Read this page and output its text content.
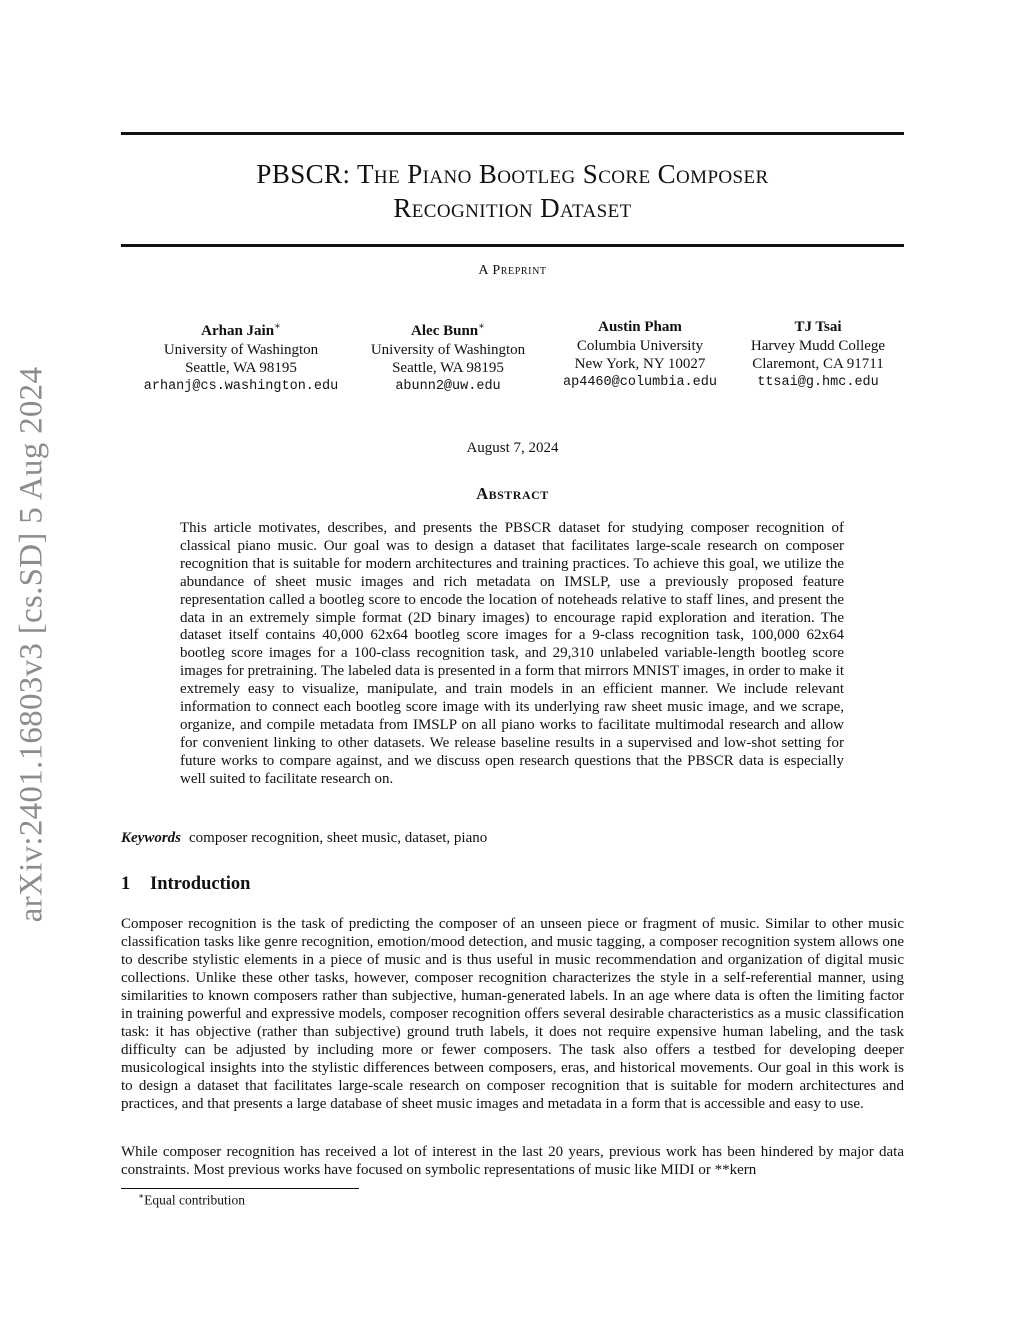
arXiv:2401.16803v3 [cs.SD] 5 Aug 2024
PBSCR: The Piano Bootleg Score Composer
Recognition Dataset
A Preprint
Arhan Jain∗
University of Washington
Seattle, WA 98195
arhanj@cs.washington.edu
Alec Bunn∗
University of Washington
Seattle, WA 98195
abunn2@uw.edu
Austin Pham
Columbia University
New York, NY 10027
ap4460@columbia.edu
TJ Tsai
Harvey Mudd College
Claremont, CA 91711
ttsai@g.hmc.edu
August 7, 2024
Abstract

This article motivates, describes, and presents the PBSCR dataset for studying composer recognition of classical piano music. Our goal was to design a dataset that facilitates large-scale research on composer recognition that is suitable for modern architectures and training practices. To achieve this goal, we utilize the abundance of sheet music images and rich metadata on IMSLP, use a previously proposed feature representation called a bootleg score to encode the location of noteheads relative to staff lines, and present the data in an extremely simple format (2D binary images) to encourage rapid exploration and iteration. The dataset itself contains 40,000 62x64 bootleg score images for a 9-class recognition task, 100,000 62x64 bootleg score images for a 100-class recognition task, and 29,310 unlabeled variable-length bootleg score images for pretraining. The labeled data is presented in a form that mirrors MNIST images, in order to make it extremely easy to visualize, manipulate, and train models in an efficient manner. We include relevant information to connect each bootleg score image with its underlying raw sheet music image, and we scrape, organize, and compile metadata from IMSLP on all piano works to facilitate multimodal research and allow for convenient linking to other datasets. We release baseline results in a supervised and low-shot setting for future works to compare against, and we discuss open research questions that the PBSCR data is especially well suited to facilitate research on.

Keywords composer recognition, sheet music, dataset, piano
1 Introduction

Composer recognition is the task of predicting the composer of an unseen piece or fragment of music. Similar to other music classification tasks like genre recognition, emotion/mood detection, and music tagging, a composer recognition system allows one to describe stylistic elements in a piece of music and is thus useful in music recommendation and organization of digital music collections. Unlike these other tasks, however, composer recognition characterizes the style in a self-referential manner, using similarities to known composers rather than subjective, human-generated labels. In an age where data is often the limiting factor in training powerful and expressive models, composer recognition offers several desirable characteristics as a music classification task: it has objective (rather than subjective) ground truth labels, it does not require expensive human labeling, and the task difficulty can be adjusted by including more or fewer composers. The task also offers a testbed for developing deeper musicological insights into the stylistic differences between composers, eras, and historical movements. Our goal in this work is to design a dataset that facilitates large-scale research on composer recognition that is suitable for modern architectures and practices, and that presents a large database of sheet music images and metadata in a form that is accessible and easy to use.

While composer recognition has received a lot of interest in the last 20 years, previous work has been hindered by major data constraints. Most previous works have focused on symbolic representations of music like MIDI or **kern

∗Equal contribution
